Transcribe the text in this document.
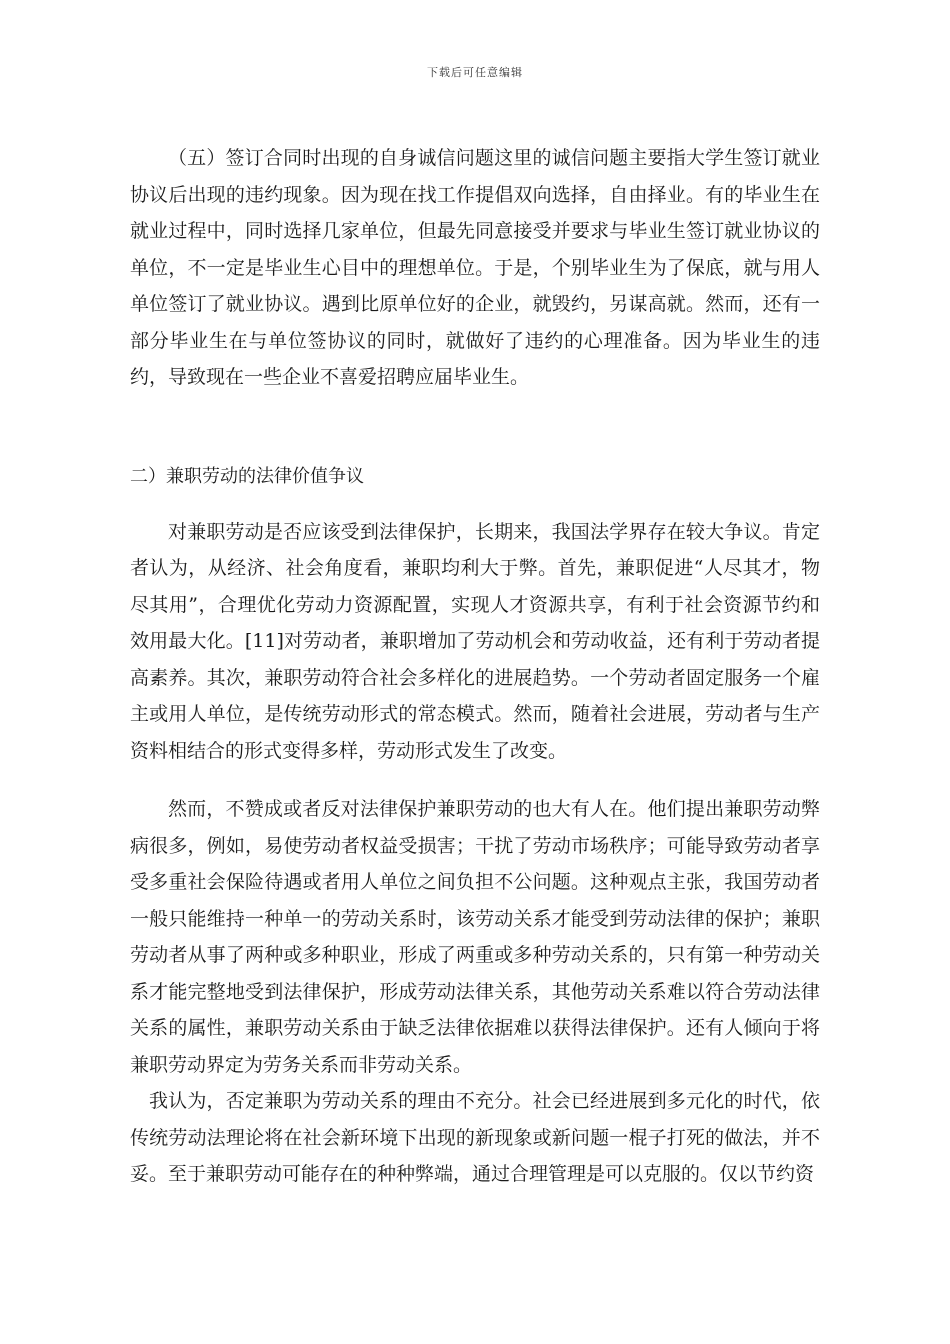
下载后可任意编辑

（五）签订合同时出现的自身诚信问题这里的诚信问题主要指大学生签订就业协议后出现的违约现象。因为现在找工作提倡双向选择，自由择业。有的毕业生在就业过程中，同时选择几家单位，但最先同意接受并要求与毕业生签订就业协议的单位，不一定是毕业生心目中的理想单位。于是，个别毕业生为了保底，就与用人单位签订了就业协议。遇到比原单位好的企业，就毁约，另谋高就。然而，还有一部分毕业生在与单位签协议的同时，就做好了违约的心理准备。因为毕业生的违约，导致现在一些企业不喜爱招聘应届毕业生。

二）兼职劳动的法律价值争议

对兼职劳动是否应该受到法律保护，长期来，我国法学界存在较大争议。肯定者认为，从经济、社会角度看，兼职均利大于弊。首先，兼职促进“人尽其才，物尽其用”，合理优化劳动力资源配置，实现人才资源共享，有利于社会资源节约和效用最大化。[11]对劳动者，兼职增加了劳动机会和劳动收益，还有利于劳动者提高素养。其次，兼职劳动符合社会多样化的进展趋势。一个劳动者固定服务一个雇主或用人单位，是传统劳动形式的常态模式。然而，随着社会进展，劳动者与生产资料相结合的形式变得多样，劳动形式发生了改变。

然而，不赞成或者反对法律保护兼职劳动的也大有人在。他们提出兼职劳动弊病很多，例如，易使劳动者权益受损害；干扰了劳动市场秩序；可能导致劳动者享受多重社会保险待遇或者用人单位之间负担不公问题。这种观点主张，我国劳动者一般只能维持一种单一的劳动关系时，该劳动关系才能受到劳动法律的保护；兼职劳动者从事了两种或多种职业，形成了两重或多种劳动关系的，只有第一种劳动关系才能完整地受到法律保护，形成劳动法律关系，其他劳动关系难以符合劳动法律关系的属性，兼职劳动关系由于缺乏法律依据难以获得法律保护。还有人倾向于将兼职劳动界定为劳务关系而非劳动关系。

我认为，否定兼职为劳动关系的理由不充分。社会已经进展到多元化的时代，依传统劳动法理论将在社会新环境下出现的新现象或新问题一棍子打死的做法，并不妥。至于兼职劳动可能存在的种种弊端，通过合理管理是可以克服的。仅以节约资
